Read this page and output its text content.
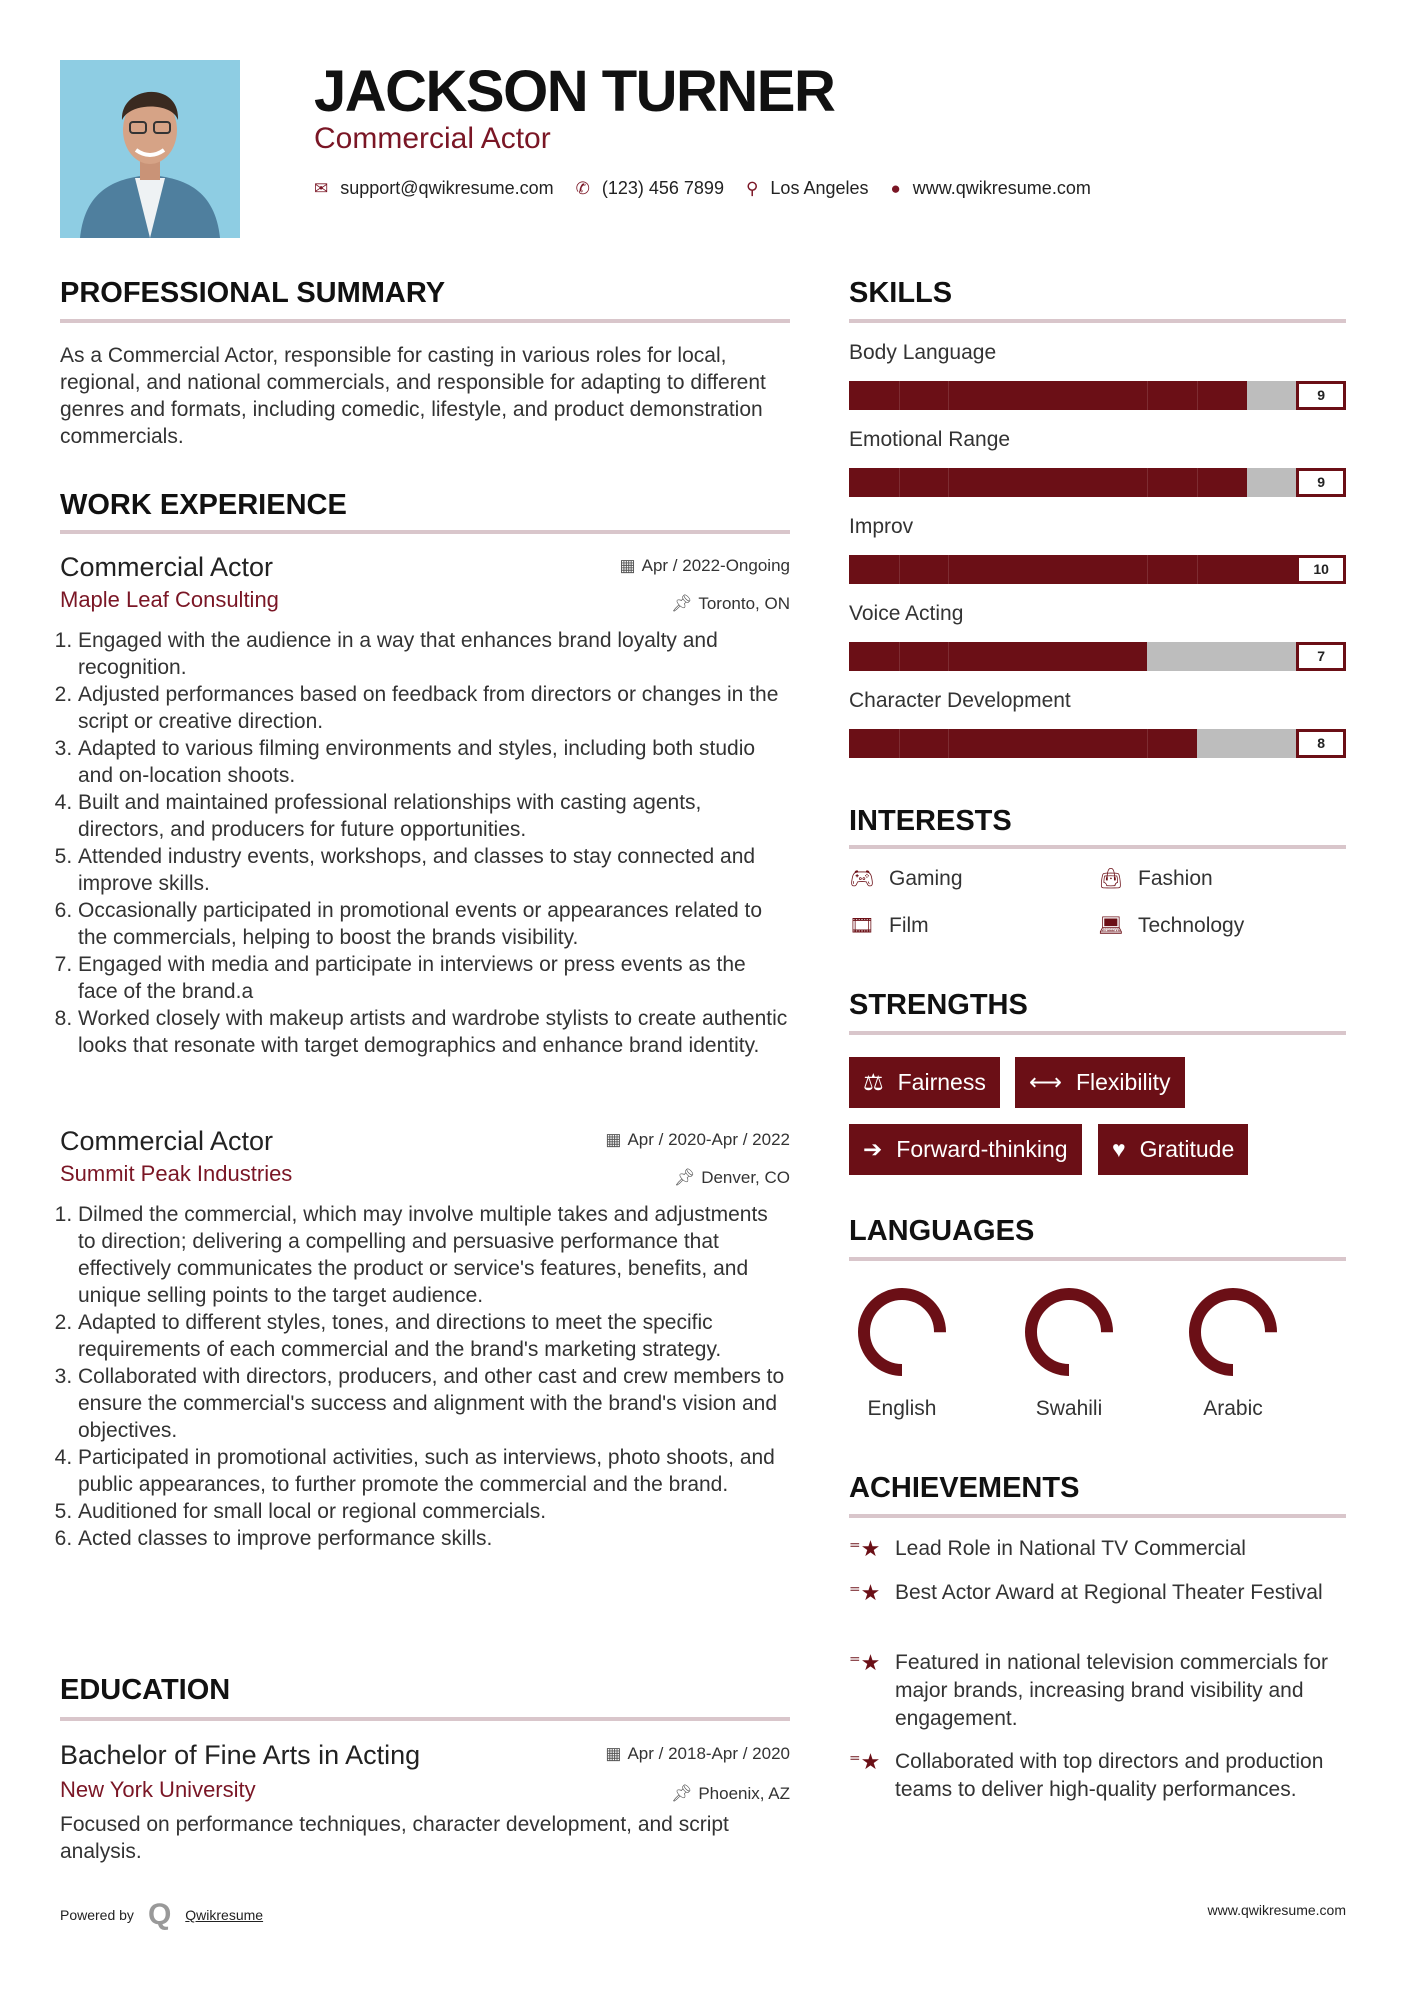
JACKSON TURNER
Commercial Actor
✉ support@qwikresume.com ✆ (123) 456 7899 ⚲ Los Angeles ● www.qwikresume.com
PROFESSIONAL SUMMARY
As a Commercial Actor, responsible for casting in various roles for local, regional, and national commercials, and responsible for adapting to different genres and formats, including comedic, lifestyle, and product demonstration commercials.
WORK EXPERIENCE
Commercial Actor	▦ Apr / 2022-Ongoing
Maple Leaf Consulting	📌︎ Toronto, ON
1. Engaged with the audience in a way that enhances brand loyalty and recognition.
2. Adjusted performances based on feedback from directors or changes in the script or creative direction.
3. Adapted to various filming environments and styles, including both studio and on-location shoots.
4. Built and maintained professional relationships with casting agents, directors, and producers for future opportunities.
5. Attended industry events, workshops, and classes to stay connected and improve skills.
6. Occasionally participated in promotional events or appearances related to the commercials, helping to boost the brands visibility.
7. Engaged with media and participate in interviews or press events as the face of the brand.a
8. Worked closely with makeup artists and wardrobe stylists to create authentic looks that resonate with target demographics and enhance brand identity.
Commercial Actor	▦ Apr / 2020-Apr / 2022
Summit Peak Industries	📌︎ Denver, CO
1. Dilmed the commercial, which may involve multiple takes and adjustments to direction; delivering a compelling and persuasive performance that effectively communicates the product or service's features, benefits, and unique selling points to the target audience.
2. Adapted to different styles, tones, and directions to meet the specific requirements of each commercial and the brand's marketing strategy.
3. Collaborated with directors, producers, and other cast and crew members to ensure the commercial's success and alignment with the brand's vision and objectives.
4. Participated in promotional activities, such as interviews, photo shoots, and public appearances, to further promote the commercial and the brand.
5. Auditioned for small local or regional commercials.
6. Acted classes to improve performance skills.
EDUCATION
Bachelor of Fine Arts in Acting	▦ Apr / 2018-Apr / 2020
New York University	📌︎ Phoenix, AZ
Focused on performance techniques, character development, and script analysis.
Powered by Q Qwikresume
SKILLS
Body Language
9
Emotional Range
9
Improv
10
Voice Acting
7
Character Development
8
INTERESTS
🎮︎ Gaming	👜︎ Fashion
🎞︎ Film	💻︎ Technology
STRENGTHS
⚖ Fairness ⟷ Flexibility
➔ Forward-thinking ♥ Gratitude
LANGUAGES
English	Swahili	Arabic
ACHIEVEMENTS
⁼★ Lead Role in National TV Commercial
⁼★ Best Actor Award at Regional Theater Festival
⁼★ Featured in national television commercials for major brands, increasing brand visibility and engagement.
⁼★ Collaborated with top directors and production teams to deliver high-quality performances.
www.qwikresume.com
